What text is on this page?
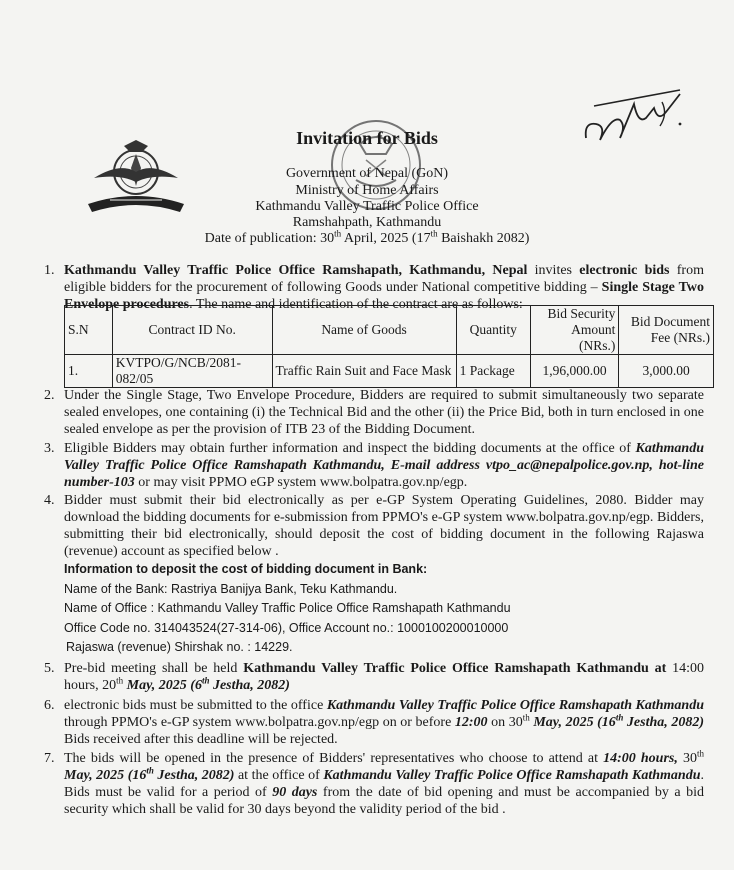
Invitation for Bids
Government of Nepal (GoN)
Ministry of Home Affairs
Kathmandu Valley Traffic Police Office
Ramshahpath, Kathmandu
Date of publication: 30th April, 2025 (17th Baishakh 2082)
1. Kathmandu Valley Traffic Police Office Ramshapath, Kathmandu, Nepal invites electronic bids from eligible bidders for the procurement of following Goods under National competitive bidding – Single Stage Two Envelope procedures. The name and identification of the contract are as follows:
S.N	Contract ID No.	Name of Goods	Quantity	Bid Security Amount (NRs.)	Bid Document Fee (NRs.)
1.	KVTPO/G/NCB/2081-082/05	Traffic Rain Suit and Face Mask	1 Package	1,96,000.00	3,000.00
2. Under the Single Stage, Two Envelope Procedure, Bidders are required to submit simultaneously two separate sealed envelopes, one containing (i) the Technical Bid and the other (ii) the Price Bid, both in turn enclosed in one sealed envelope as per the provision of ITB 23 of the Bidding Document.
3. Eligible Bidders may obtain further information and inspect the bidding documents at the office of Kathmandu Valley Traffic Police Office Ramshapath Kathmandu, E-mail address vtpo_ac@nepalpolice.gov.np, hot-line number-103 or may visit PPMO eGP system www.bolpatra.gov.np/egp.
4. Bidder must submit their bid electronically as per e-GP System Operating Guidelines, 2080. Bidder may download the bidding documents for e-submission from PPMO's e-GP system www.bolpatra.gov.np/egp. Bidders, submitting their bid electronically, should deposit the cost of bidding document in the following Rajaswa (revenue) account as specified below .
Information to deposit the cost of bidding document in Bank:
Name of the Bank: Rastriya Banijya Bank, Teku Kathmandu.
Name of Office : Kathmandu Valley Traffic Police Office Ramshapath Kathmandu
Office Code no. 314043524(27-314-06), Office Account no.: 1000100200010000
Rajaswa (revenue) Shirshak no. : 14229.
5. Pre-bid meeting shall be held Kathmandu Valley Traffic Police Office Ramshapath Kathmandu at 14:00 hours, 20th May, 2025 (6th Jestha, 2082)
6. electronic bids must be submitted to the office Kathmandu Valley Traffic Police Office Ramshapath Kathmandu through PPMO's e-GP system www.bolpatra.gov.np/egp on or before 12:00 on 30th May, 2025 (16th Jestha, 2082) Bids received after this deadline will be rejected.
7. The bids will be opened in the presence of Bidders' representatives who choose to attend at 14:00 hours, 30th May, 2025 (16th Jestha, 2082) at the office of Kathmandu Valley Traffic Police Office Ramshapath Kathmandu. Bids must be valid for a period of 90 days from the date of bid opening and must be accompanied by a bid security which shall be valid for 30 days beyond the validity period of the bid .
